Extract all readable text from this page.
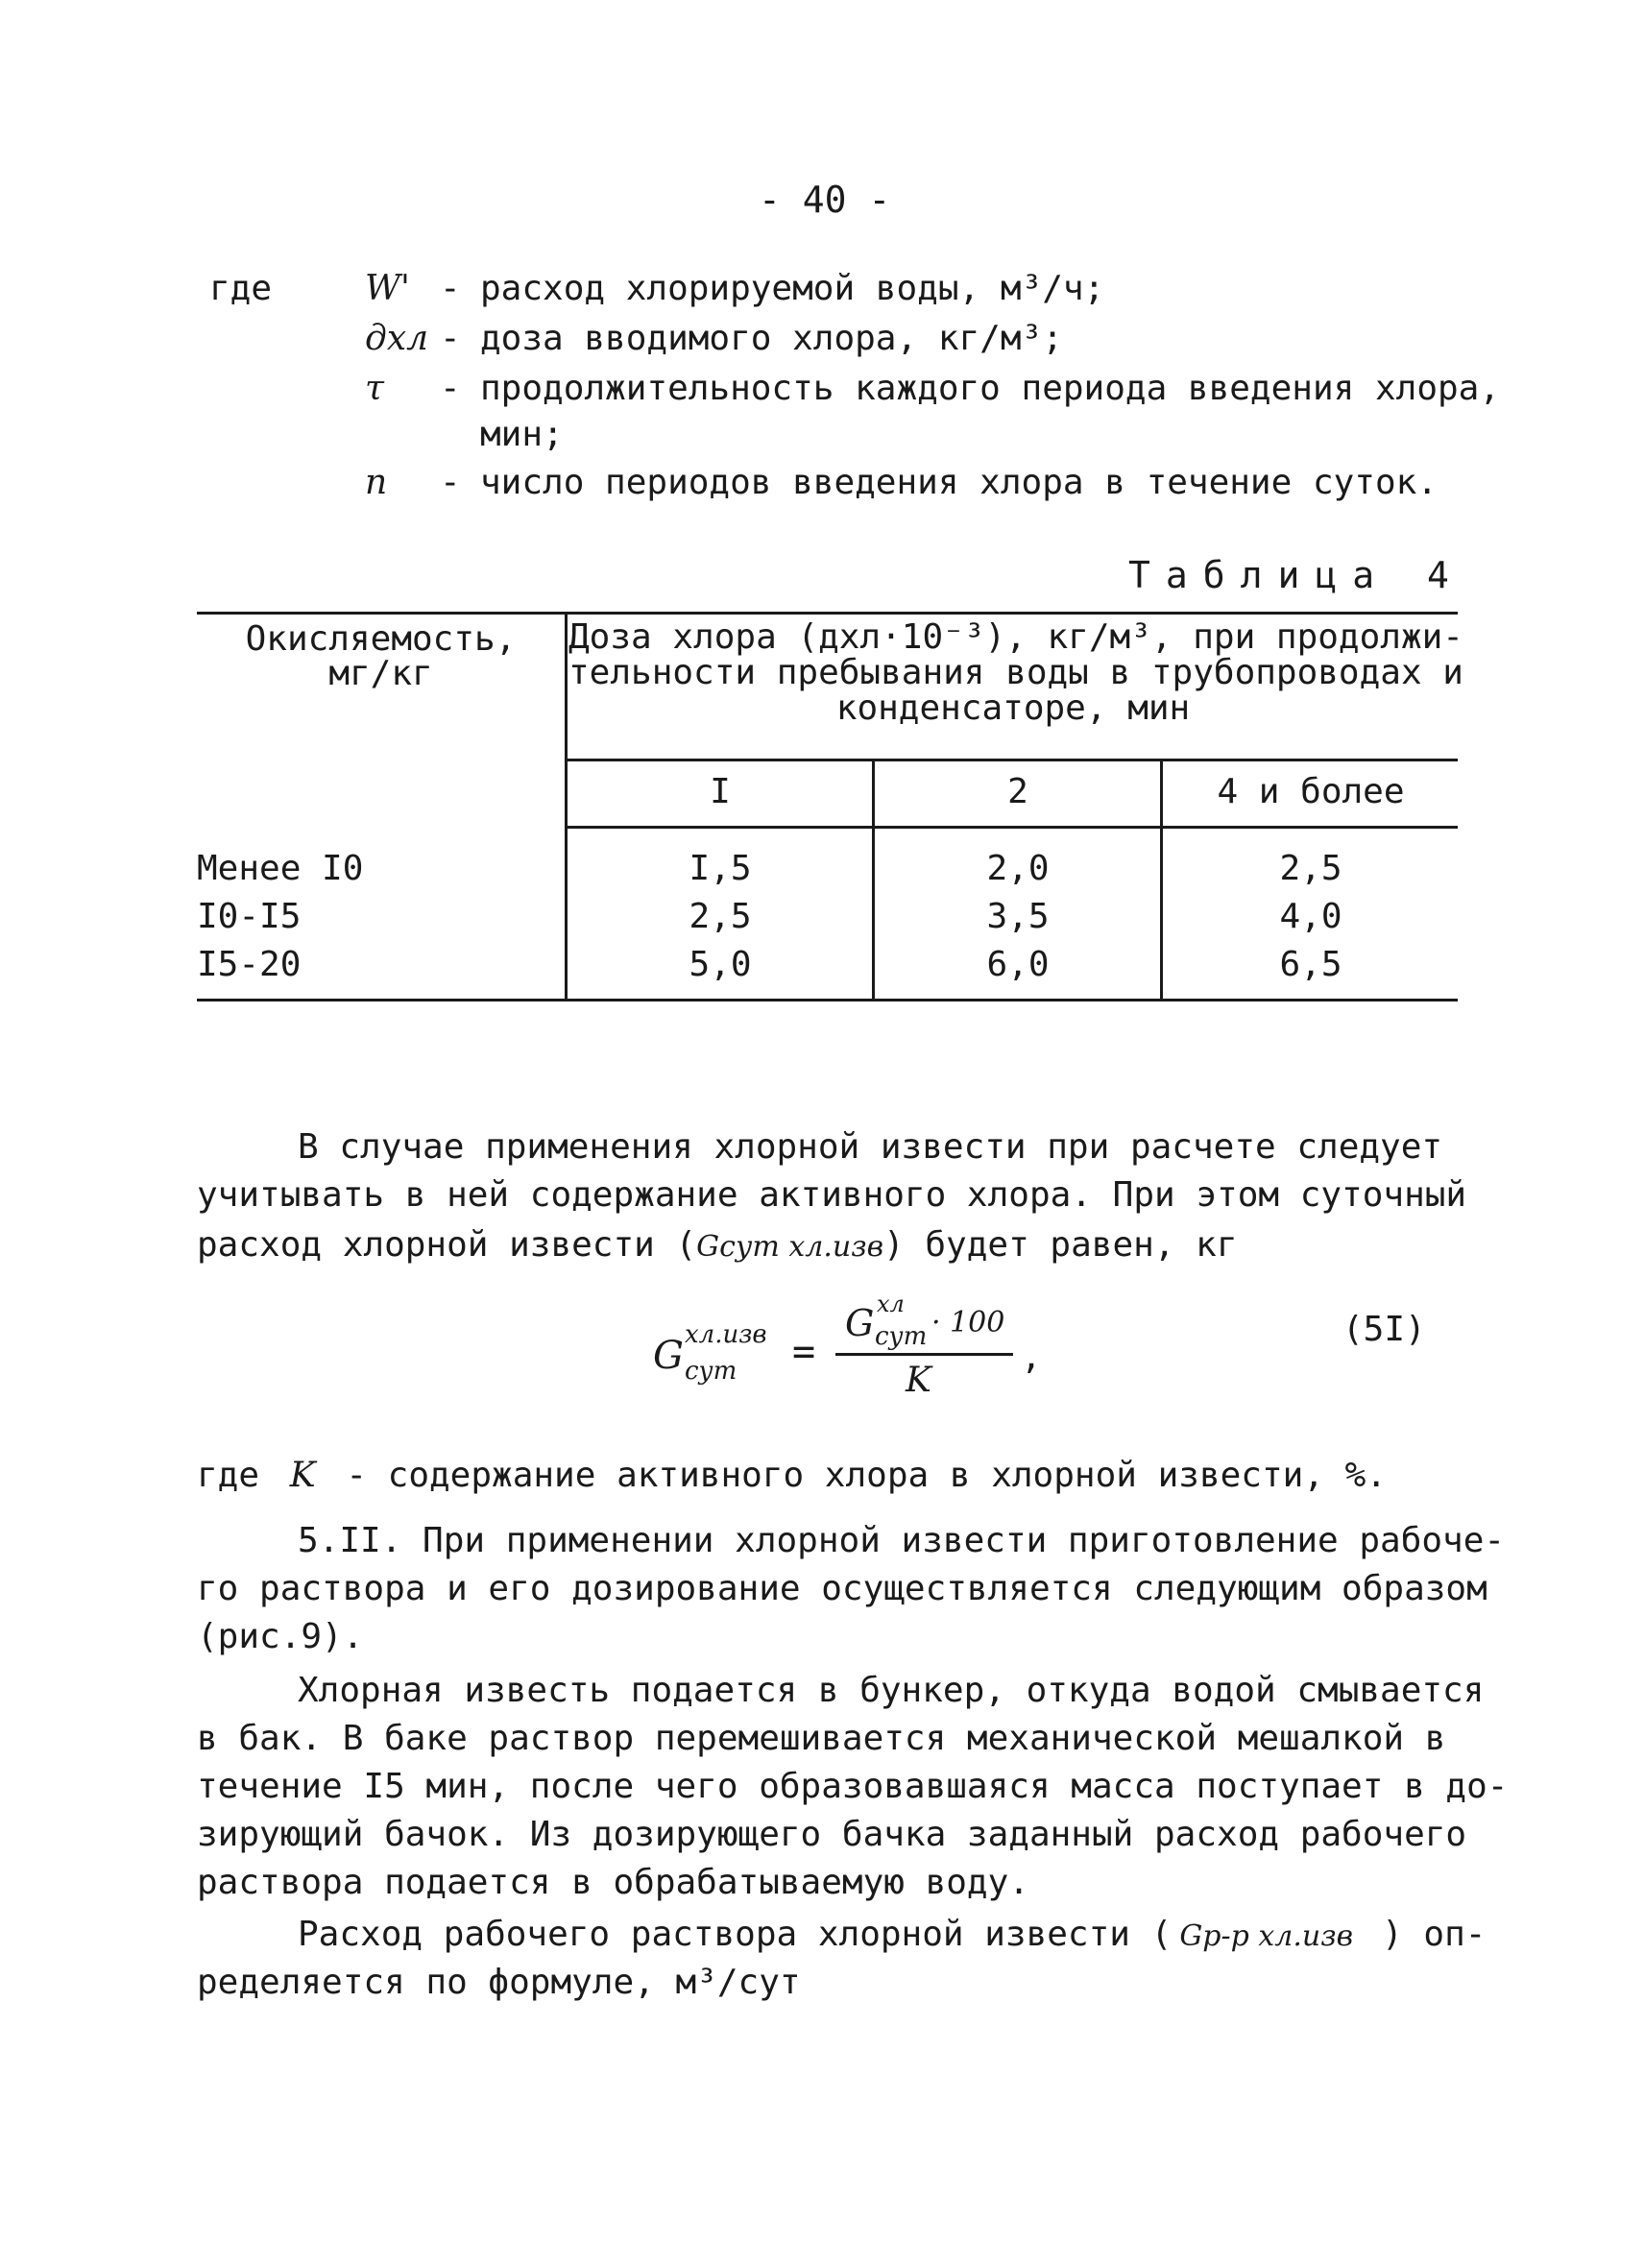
- 40 -
где	W' - расход хлорируемой воды, м³/ч;
дхл - доза вводимого хлора, кг/м³;
τ	- продолжительность каждого периода введения хлора,
мин;
n	- число периодов введения хлора в течение суток.
Таблица 4
Окисляемость,
мг/кг
Доза хлора (дхл·10⁻³), кг/м³, при продолжи-
тельности пребывания воды в трубопроводах и
конденсаторе, мин
I	2	4 и более
Менее I0	I,5	2,0	2,5
I0-I5	2,5	3,5	4,0
I5-20	5,0	6,0	6,5
В случае применения хлорной извести при расчете следует
учитывать в ней содержание активного хлора. При этом суточный
расход хлорной извести (Gсут хл.изв) будет равен, кг
G хл.изв
сут =
G хл
сут · 100
K
,
(5I)
где K - содержание активного хлора в хлорной извести, %.
5.II. При применении хлорной извести приготовление рабоче-
го раствора и его дозирование осуществляется следующим образом
(рис.9).
Хлорная известь подается в бункер, откуда водой смывается
в бак. В баке раствор перемешивается механической мешалкой в
течение I5 мин, после чего образовавшаяся масса поступает в до-
зирующий бачок. Из дозирующего бачка заданный расход рабочего
раствора подается в обрабатываемую воду.
Расход рабочего раствора хлорной извести ( Gр-р хл.изв ) оп-
ределяется по формуле, м³/сут
